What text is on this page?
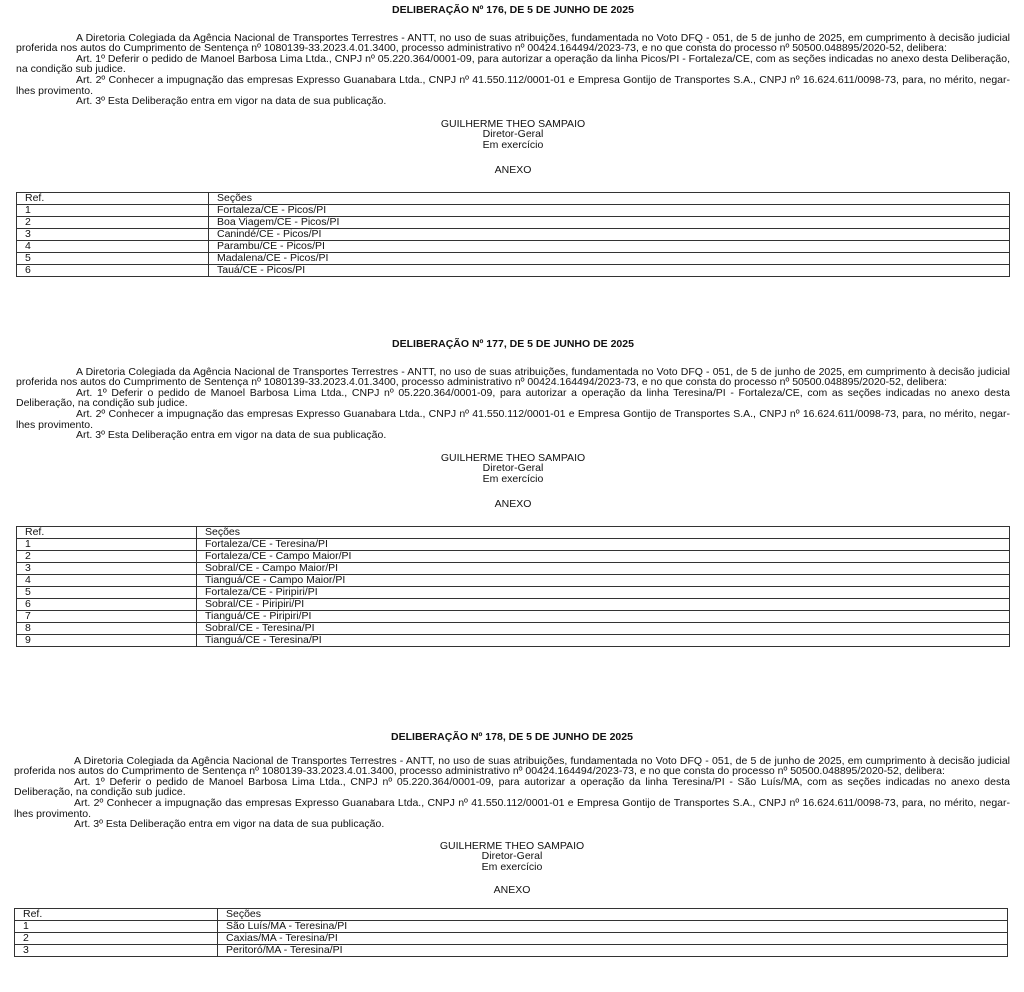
DELIBERAÇÃO Nº 176, DE 5 DE JUNHO DE 2025

A Diretoria Colegiada da Agência Nacional de Transportes Terrestres - ANTT, no uso de suas atribuições, fundamentada no Voto DFQ - 051, de 5 de junho de 2025, em cumprimento à decisão judicial proferida nos autos do Cumprimento de Sentença nº 1080139-33.2023.4.01.3400, processo administrativo nº 00424.164494/2023-73, e no que consta do processo nº 50500.048895/2020-52, delibera:

Art. 1º Deferir o pedido de Manoel Barbosa Lima Ltda., CNPJ nº 05.220.364/0001-09, para autorizar a operação da linha Picos/PI - Fortaleza/CE, com as seções indicadas no anexo desta Deliberação, na condição sub judice.

Art. 2º Conhecer a impugnação das empresas Expresso Guanabara Ltda., CNPJ nº 41.550.112/0001-01 e Empresa Gontijo de Transportes S.A., CNPJ nº 16.624.611/0098-73, para, no mérito, negar-lhes provimento.

Art. 3º Esta Deliberação entra em vigor na data de sua publicação.

GUILHERME THEO SAMPAIO

Diretor-Geral

Em exercício

ANEXO

Ref.	Seções
1	Fortaleza/CE - Picos/PI
2	Boa Viagem/CE - Picos/PI
3	Canindé/CE - Picos/PI
4	Parambu/CE - Picos/PI
5	Madalena/CE - Picos/PI
6	Tauá/CE - Picos/PI

DELIBERAÇÃO Nº 177, DE 5 DE JUNHO DE 2025

A Diretoria Colegiada da Agência Nacional de Transportes Terrestres - ANTT, no uso de suas atribuições, fundamentada no Voto DFQ - 051, de 5 de junho de 2025, em cumprimento à decisão judicial proferida nos autos do Cumprimento de Sentença nº 1080139-33.2023.4.01.3400, processo administrativo nº 00424.164494/2023-73, e no que consta do processo nº 50500.048895/2020-52, delibera:

Art. 1º Deferir o pedido de Manoel Barbosa Lima Ltda., CNPJ nº 05.220.364/0001-09, para autorizar a operação da linha Teresina/PI - Fortaleza/CE, com as seções indicadas no anexo desta Deliberação, na condição sub judice.

Art. 2º Conhecer a impugnação das empresas Expresso Guanabara Ltda., CNPJ nº 41.550.112/0001-01 e Empresa Gontijo de Transportes S.A., CNPJ nº 16.624.611/0098-73, para, no mérito, negar-lhes provimento.

Art. 3º Esta Deliberação entra em vigor na data de sua publicação.

GUILHERME THEO SAMPAIO

Diretor-Geral

Em exercício

ANEXO

Ref.	Seções
1	Fortaleza/CE - Teresina/PI
2	Fortaleza/CE - Campo Maior/PI
3	Sobral/CE - Campo Maior/PI
4	Tianguá/CE - Campo Maior/PI
5	Fortaleza/CE - Piripiri/PI
6	Sobral/CE - Piripiri/PI
7	Tianguá/CE - Piripiri/PI
8	Sobral/CE - Teresina/PI
9	Tianguá/CE - Teresina/PI

DELIBERAÇÃO Nº 178, DE 5 DE JUNHO DE 2025

A Diretoria Colegiada da Agência Nacional de Transportes Terrestres - ANTT, no uso de suas atribuições, fundamentada no Voto DFQ - 051, de 5 de junho de 2025, em cumprimento à decisão judicial proferida nos autos do Cumprimento de Sentença nº 1080139-33.2023.4.01.3400, processo administrativo nº 00424.164494/2023-73, e no que consta do processo nº 50500.048895/2020-52, delibera:

Art. 1º Deferir o pedido de Manoel Barbosa Lima Ltda., CNPJ nº 05.220.364/0001-09, para autorizar a operação da linha Teresina/PI - São Luís/MA, com as seções indicadas no anexo desta Deliberação, na condição sub judice.

Art. 2º Conhecer a impugnação das empresas Expresso Guanabara Ltda., CNPJ nº 41.550.112/0001-01 e Empresa Gontijo de Transportes S.A., CNPJ nº 16.624.611/0098-73, para, no mérito, negar-lhes provimento.

Art. 3º Esta Deliberação entra em vigor na data de sua publicação.

GUILHERME THEO SAMPAIO

Diretor-Geral

Em exercício

ANEXO

Ref.	Seções
1	São Luís/MA - Teresina/PI
2	Caxias/MA - Teresina/PI
3	Peritoró/MA - Teresina/PI
